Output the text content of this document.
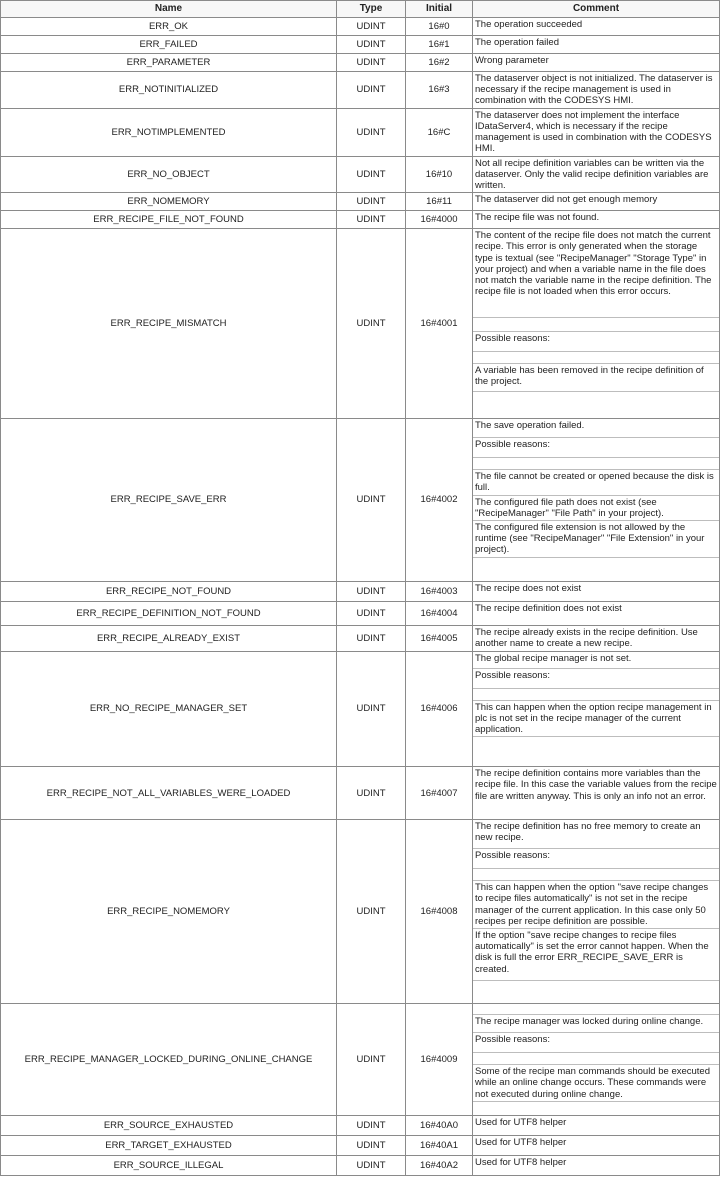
Name	Type	Initial	Comment
ERR_OK	UDINT	16#0	The operation succeeded

ERR_FAILED	UDINT	16#1	The operation failed

ERR_PARAMETER	UDINT	16#2	Wrong parameter

ERR_NOTINITIALIZED	UDINT	16#3	The dataserver object is not initialized. The dataserver is necessary if the recipe management is used in combination with the CODESYS HMI.

ERR_NOTIMPLEMENTED	UDINT	16#C	The dataserver does not implement the interface IDataServer4, which is necessary if the recipe management is used in combination with the CODESYS HMI.

ERR_NO_OBJECT	UDINT	16#10	Not all recipe definition variables can be written via the dataserver. Only the valid recipe definition variables are written.

ERR_NOMEMORY	UDINT	16#11	The dataserver did not get enough memory

ERR_RECIPE_FILE_NOT_FOUND	UDINT	16#4000	The recipe file was not found.

ERR_RECIPE_MISMATCH	UDINT	16#4001	The content of the recipe file does not match the current recipe. This error is only generated when the storage type is textual (see "RecipeManager" "Storage Type" in your project) and when a variable name in the file does not match the variable name in the recipe definition. The recipe file is not loaded when this error occurs.
Possible reasons:
A variable has been removed in the recipe definition of the project.

ERR_RECIPE_SAVE_ERR	UDINT	16#4002	The save operation failed.
Possible reasons:
The file cannot be created or opened because the disk is full.
The configured file path does not exist (see "RecipeManager" "File Path" in your project).
The configured file extension is not allowed by the runtime (see "RecipeManager" "File Extension" in your project).

ERR_RECIPE_NOT_FOUND	UDINT	16#4003	The recipe does not exist

ERR_RECIPE_DEFINITION_NOT_FOUND	UDINT	16#4004	The recipe definition does not exist

ERR_RECIPE_ALREADY_EXIST	UDINT	16#4005	The recipe already exists in the recipe definition. Use another name to create a new recipe.

ERR_NO_RECIPE_MANAGER_SET	UDINT	16#4006	The global recipe manager is not set.
Possible reasons:
This can happen when the option recipe management in plc is not set in the recipe manager of the current application.

ERR_RECIPE_NOT_ALL_VARIABLES_WERE_LOADED	UDINT	16#4007	The recipe definition contains more variables than the recipe file. In this case the variable values from the recipe file are written anyway. This is only an info not an error.

ERR_RECIPE_NOMEMORY	UDINT	16#4008	The recipe definition has no free memory to create an new recipe.
Possible reasons:
This can happen when the option "save recipe changes to recipe files automatically" is not set in the recipe manager of the current application. In this case only 50 recipes per recipe definition are possible.
If the option "save recipe changes to recipe files automatically" is set the error cannot happen. When the disk is full the error ERR_RECIPE_SAVE_ERR is created.

ERR_RECIPE_MANAGER_LOCKED_DURING_ONLINE_CHANGE	UDINT	16#4009	The recipe manager was locked during online change.
Possible reasons:
Some of the recipe man commands should be executed while an online change occurs. These commands were not executed during online change.

ERR_SOURCE_EXHAUSTED	UDINT	16#40A0	Used for UTF8 helper

ERR_TARGET_EXHAUSTED	UDINT	16#40A1	Used for UTF8 helper

ERR_SOURCE_ILLEGAL	UDINT	16#40A2	Used for UTF8 helper
